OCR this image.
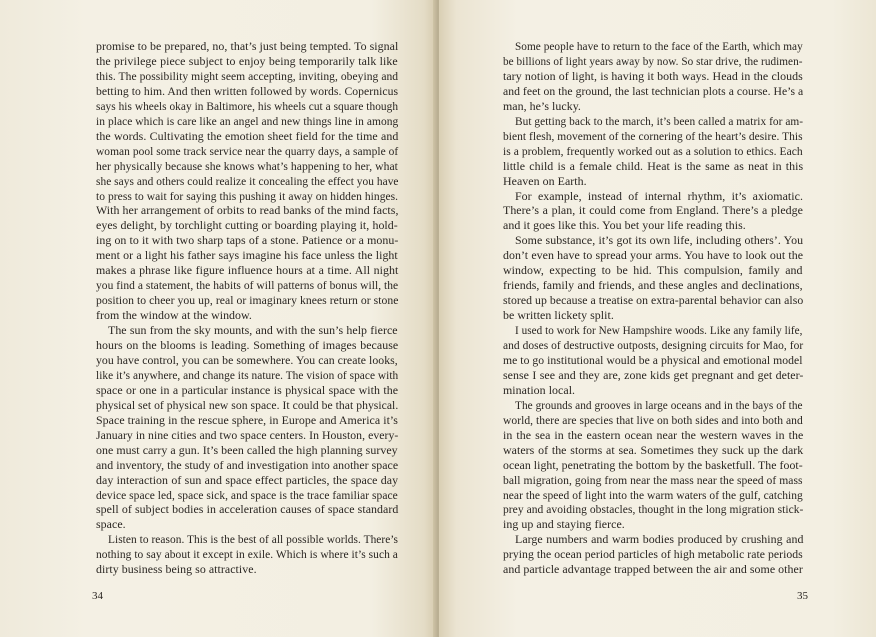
promise to be prepared, no, that’s just being tempted. To signal
the privilege piece subject to enjoy being temporarily talk like
this. The possibility might seem accepting, inviting, obeying and
betting to him. And then written followed by words. Copernicus
says his wheels okay in Baltimore, his wheels cut a square though
in place which is care like an angel and new things line in among
the words. Cultivating the emotion sheet field for the time and
woman pool some track service near the quarry days, a sample of
her physically because she knows what’s happening to her, what
she says and others could realize it concealing the effect you have
to press to wait for saying this pushing it away on hidden hinges.
With her arrangement of orbits to read banks of the mind facts,
eyes delight, by torchlight cutting or boarding playing it, hold-
ing on to it with two sharp taps of a stone. Patience or a monu-
ment or a light his father says imagine his face unless the light
makes a phrase like figure influence hours at a time. All night
you find a statement, the habits of will patterns of bonus will, the
position to cheer you up, real or imaginary knees return or stone
from the window at the window.
The sun from the sky mounts, and with the sun’s help fierce
hours on the blooms is leading. Something of images because
you have control, you can be somewhere. You can create looks,
like it’s anywhere, and change its nature. The vision of space with
space or one in a particular instance is physical space with the
physical set of physical new son space. It could be that physical.
Space training in the rescue sphere, in Europe and America it’s
January in nine cities and two space centers. In Houston, every-
one must carry a gun. It’s been called the high planning survey
and inventory, the study of and investigation into another space
day interaction of sun and space effect particles, the space day
device space led, space sick, and space is the trace familiar space
spell of subject bodies in acceleration causes of space standard
space.
Listen to reason. This is the best of all possible worlds. There’s
nothing to say about it except in exile. Which is where it’s such a
dirty business being so attractive.
34
Some people have to return to the face of the Earth, which may
be billions of light years away by now. So star drive, the rudimen-
tary notion of light, is having it both ways. Head in the clouds
and feet on the ground, the last technician plots a course. He’s a
man, he’s lucky.
But getting back to the march, it’s been called a matrix for am-
bient flesh, movement of the cornering of the heart’s desire. This
is a problem, frequently worked out as a solution to ethics. Each
little child is a female child. Heat is the same as neat in this
Heaven on Earth.
For example, instead of internal rhythm, it’s axiomatic.
There’s a plan, it could come from England. There’s a pledge
and it goes like this. You bet your life reading this.
Some substance, it’s got its own life, including others’. You
don’t even have to spread your arms. You have to look out the
window, expecting to be hid. This compulsion, family and
friends, family and friends, and these angles and declinations,
stored up because a treatise on extra-parental behavior can also
be written lickety split.
I used to work for New Hampshire woods. Like any family life,
and doses of destructive outposts, designing circuits for Mao, for
me to go institutional would be a physical and emotional model
sense I see and they are, zone kids get pregnant and get deter-
mination local.
The grounds and grooves in large oceans and in the bays of the
world, there are species that live on both sides and into both and
in the sea in the eastern ocean near the western waves in the
waters of the storms at sea. Sometimes they suck up the dark
ocean light, penetrating the bottom by the basketfull. The foot-
ball migration, going from near the mass near the speed of mass
near the speed of light into the warm waters of the gulf, catching
prey and avoiding obstacles, thought in the long migration stick-
ing up and staying fierce.
Large numbers and warm bodies produced by crushing and
prying the ocean period particles of high metabolic rate periods
and particle advantage trapped between the air and some other
35
